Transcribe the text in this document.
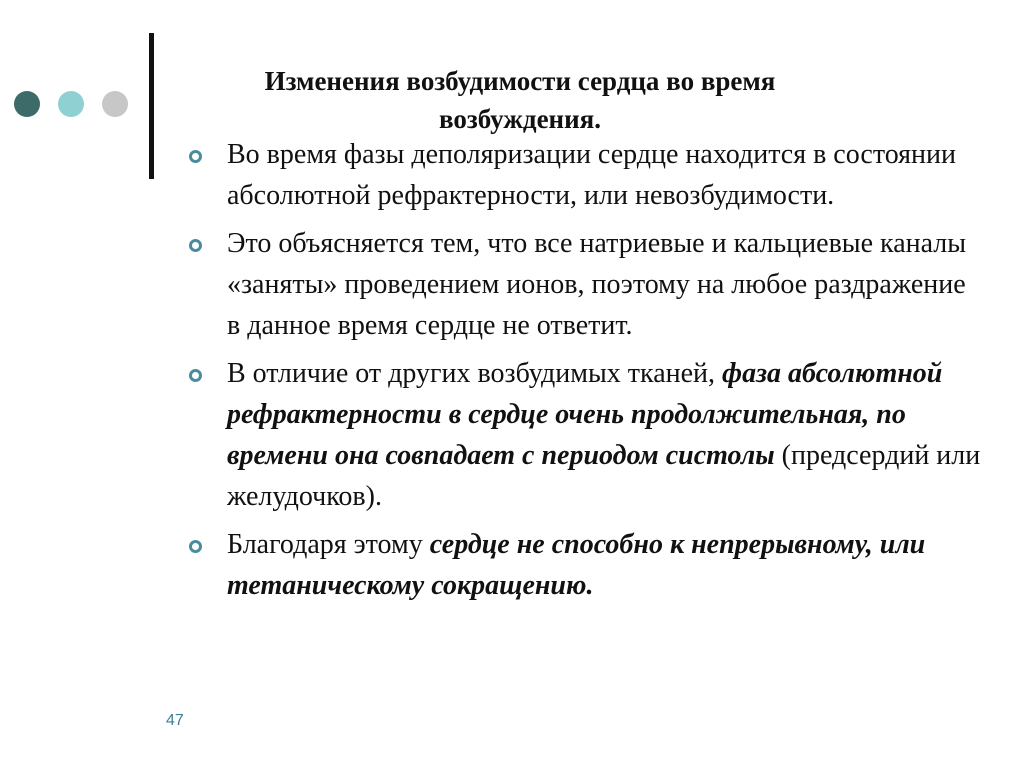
Изменения возбудимости сердца во время
возбуждения.
Во время фазы деполяризации сердце находится в состоянии абсолютной рефрактерности, или невозбудимости.
Это объясняется тем, что все натриевые и кальциевые каналы «заняты» проведением ионов, поэтому на любое раздражение в данное время сердце не ответит.
В отличие от других возбудимых тканей, фаза абсолютной рефрактерности в сердце очень продолжительная, по времени она совпадает с периодом систолы (предсердий или желудочков).
Благодаря этому сердце не способно к непрерывному, или тетаническому сокращению.
47
